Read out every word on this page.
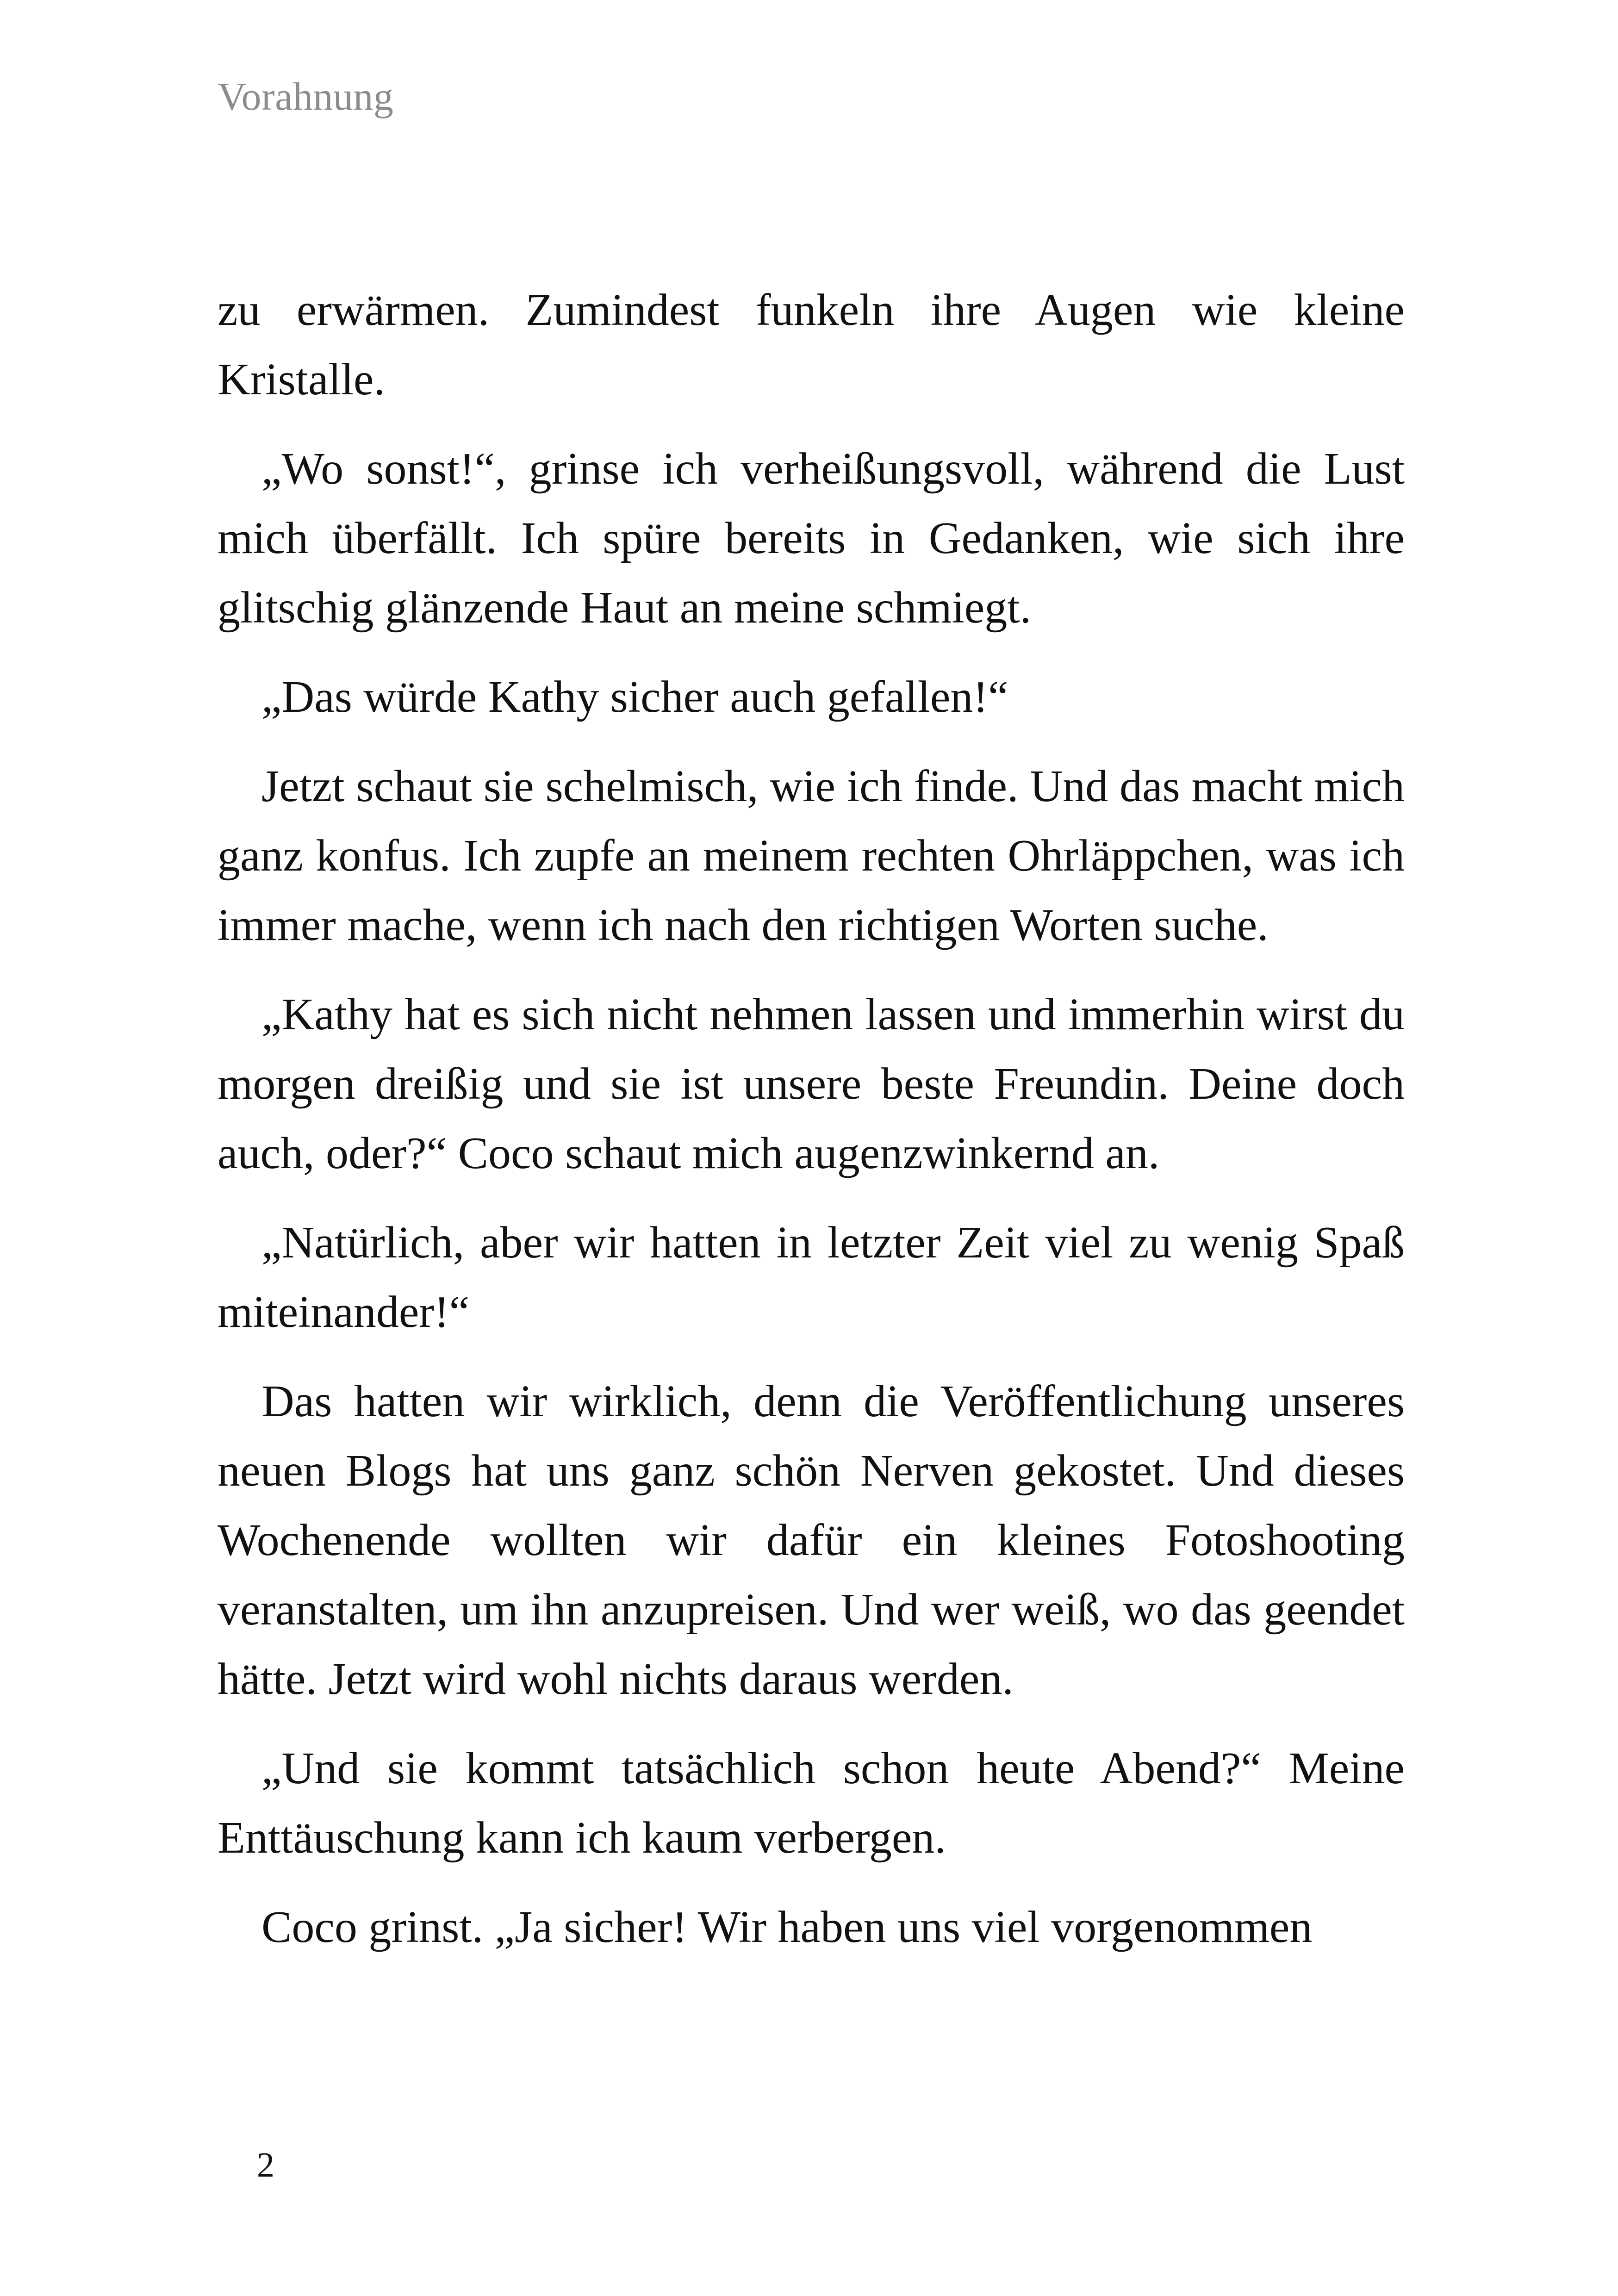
Vorahnung

zu erwärmen. Zumindest funkeln ihre Augen wie kleine Kristalle.

„Wo sonst!“, grinse ich verheißungsvoll, während die Lust mich überfällt. Ich spüre bereits in Gedanken, wie sich ihre glitschig glänzende Haut an meine schmiegt.

„Das würde Kathy sicher auch gefallen!“

Jetzt schaut sie schelmisch, wie ich finde. Und das macht mich ganz konfus. Ich zupfe an meinem rechten Ohrläppchen, was ich immer mache, wenn ich nach den richtigen Worten suche.

„Kathy hat es sich nicht nehmen lassen und immerhin wirst du morgen dreißig und sie ist unsere beste Freundin. Deine doch auch, oder?“ Coco schaut mich augenzwinkernd an.

„Natürlich, aber wir hatten in letzter Zeit viel zu wenig Spaß miteinander!“

Das hatten wir wirklich, denn die Veröffentlichung unseres neuen Blogs hat uns ganz schön Nerven gekostet. Und dieses Wochenende wollten wir dafür ein kleines Fotoshooting veranstalten, um ihn anzupreisen. Und wer weiß, wo das geendet hätte. Jetzt wird wohl nichts daraus werden.

„Und sie kommt tatsächlich schon heute Abend?“ Meine Enttäuschung kann ich kaum verbergen.

Coco grinst. „Ja sicher! Wir haben uns viel vorgenommen

2
